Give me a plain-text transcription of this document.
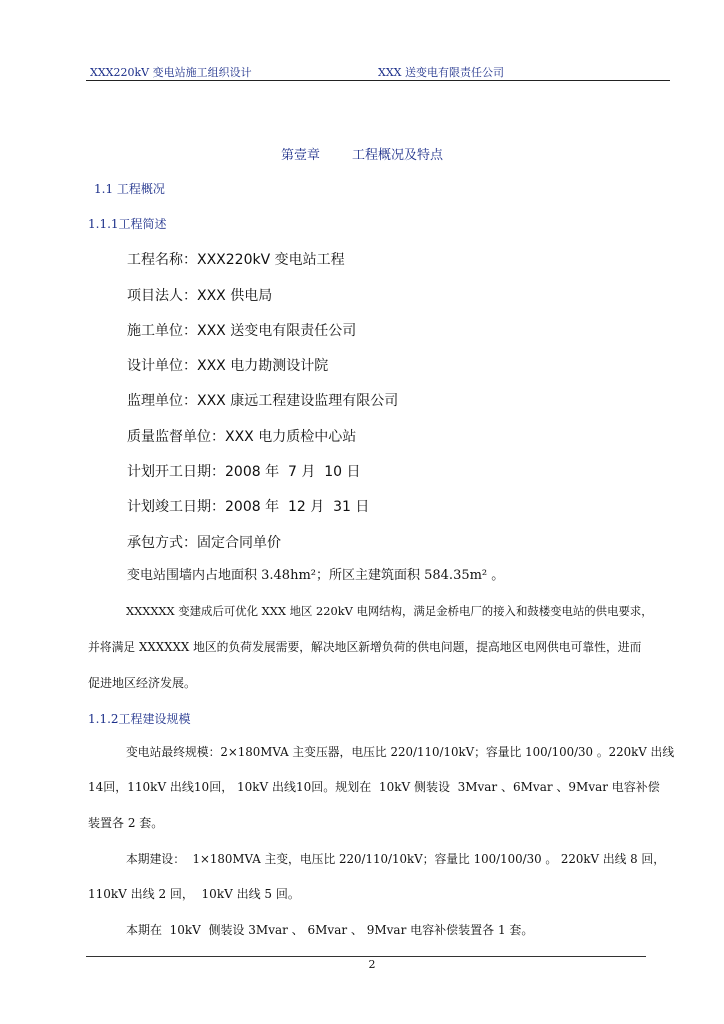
XXX220kV 变电站施工组织设计	XXX 送变电有限责任公司
第壹章 工程概况及特点
1.1 工程概况
1.1.1工程简述
工程名称：XXX220kV 变电站工程
项目法人：XXX 供电局
施工单位：XXX 送变电有限责任公司
设计单位：XXX 电力勘测设计院
监理单位：XXX 康远工程建设监理有限公司
质量监督单位：XXX 电力质检中心站
计划开工日期：2008 年  7 月  10 日
计划竣工日期：2008 年  12 月  31 日
承包方式：固定合同单价
变电站围墙内占地面积 3.48hm²；所区主建筑面积 584.35m² 。
XXXXXX 变建成后可优化 XXX 地区 220kV 电网结构，满足金桥电厂的接入和鼓楼变电站的供电要求，
并将满足 XXXXXX 地区的负荷发展需要，解决地区新增负荷的供电问题，提高地区电网供电可靠性，进而
促进地区经济发展。
1.1.2工程建设规模
变电站最终规模：2×180MVA 主变压器，电压比 220/110/10kV；容量比 100/100/30 。220kV 出线
14回，110kV 出线10回， 10kV 出线10回。规划在  10kV 侧装设  3Mvar 、6Mvar 、9Mvar 电容补偿
装置各 2 套。
本期建设：  1×180MVA 主变，电压比 220/110/10kV；容量比 100/100/30 。 220kV 出线 8 回，
110kV 出线 2 回，  10kV 出线 5 回。
本期在  10kV  侧装设 3Mvar 、 6Mvar 、 9Mvar 电容补偿装置各 1 套。
2
